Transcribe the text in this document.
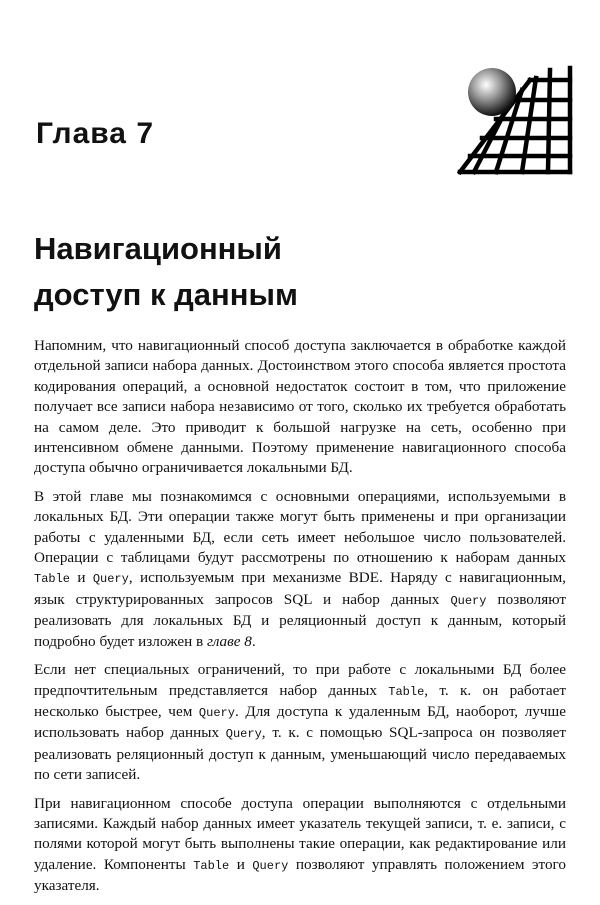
Глава 7
Навигационный
доступ к данным

Напомним, что навигационный способ доступа заключается в обработке каждой отдельной записи набора данных. Достоинством этого способа является простота кодирования операций, а основной недостаток состоит в том, что приложение получает все записи набора независимо от того, сколько их требуется обработать на самом деле. Это приводит к большой нагрузке на сеть, особенно при интенсивном обмене данными. Поэтому применение навигационного способа доступа обычно ограничивается локальными БД.

В этой главе мы познакомимся с основными операциями, используемыми в локальных БД. Эти операции также могут быть применены и при организации работы с удаленными БД, если сеть имеет небольшое число пользователей. Операции с таблицами будут рассмотрены по отношению к наборам данных Table и Query, используемым при механизме BDE. Наряду с навигационным, язык структурированных запросов SQL и набор данных Query позволяют реализовать для локальных БД и реляционный доступ к данным, который подробно будет изложен в главе 8.

Если нет специальных ограничений, то при работе с локальными БД более предпочтительным представляется набор данных Table, т. к. он работает несколько быстрее, чем Query. Для доступа к удаленным БД, наоборот, лучше использовать набор данных Query, т. к. с помощью SQL-запроса он позволяет реализовать реляционный доступ к данным, уменьшающий число передаваемых по сети записей.

При навигационном способе доступа операции выполняются с отдельными записями. Каждый набор данных имеет указатель текущей записи, т. е. записи, с полями которой могут быть выполнены такие операции, как редактирование или удаление. Компоненты Table и Query позволяют управлять положением этого указателя.
